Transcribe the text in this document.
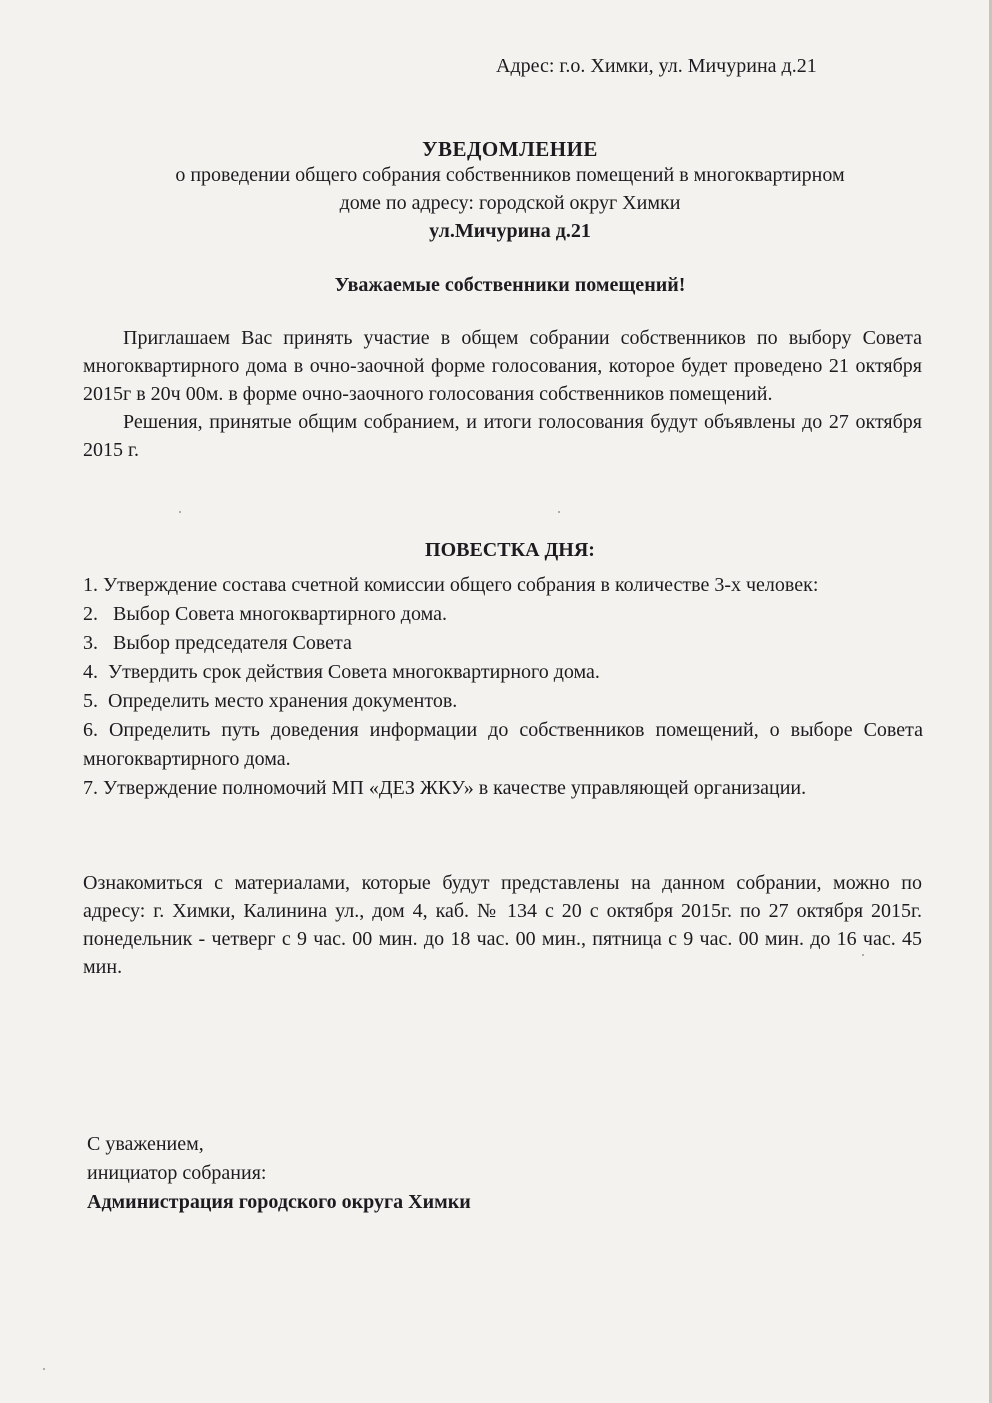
Адрес: г.о. Химки, ул. Мичурина д.21
УВЕДОМЛЕНИЕ
о проведении общего собрания собственников помещений в многоквартирном
доме по адресу: городской округ Химки
ул.Мичурина д.21
Уважаемые собственники помещений!

Приглашаем Вас принять участие в общем собрании собственников по выбору Совета многоквартирного дома в очно-заочной форме голосования, которое будет проведено 21 октября 2015г в 20ч 00м. в форме очно-заочного голосования собственников помещений.

Решения, принятые общим собранием, и итоги голосования будут объявлены до 27 октября 2015 г.

ПОВЕСТКА ДНЯ:
1. Утверждение состава счетной комиссии общего собрания в количестве 3-х человек:
2. Выбор Совета многоквартирного дома.
3. Выбор председателя Совета
4. Утвердить срок действия Совета многоквартирного дома.
5. Определить место хранения документов.
6. Определить путь доведения информации до собственников помещений, о выборе Совета многоквартирного дома.
7. Утверждение полномочий МП «ДЕЗ ЖКУ» в качестве управляющей организации.

Ознакомиться с материалами, которые будут представлены на данном собрании, можно по адресу: г. Химки, Калинина ул., дом 4, каб. № 134 с 20 с октября 2015г. по 27 октября 2015г. понедельник - четверг с 9 час. 00 мин. до 18 час. 00 мин., пятница с 9 час. 00 мин. до 16 час. 45 мин.

С уважением,
инициатор собрания:
Администрация городского округа Химки
